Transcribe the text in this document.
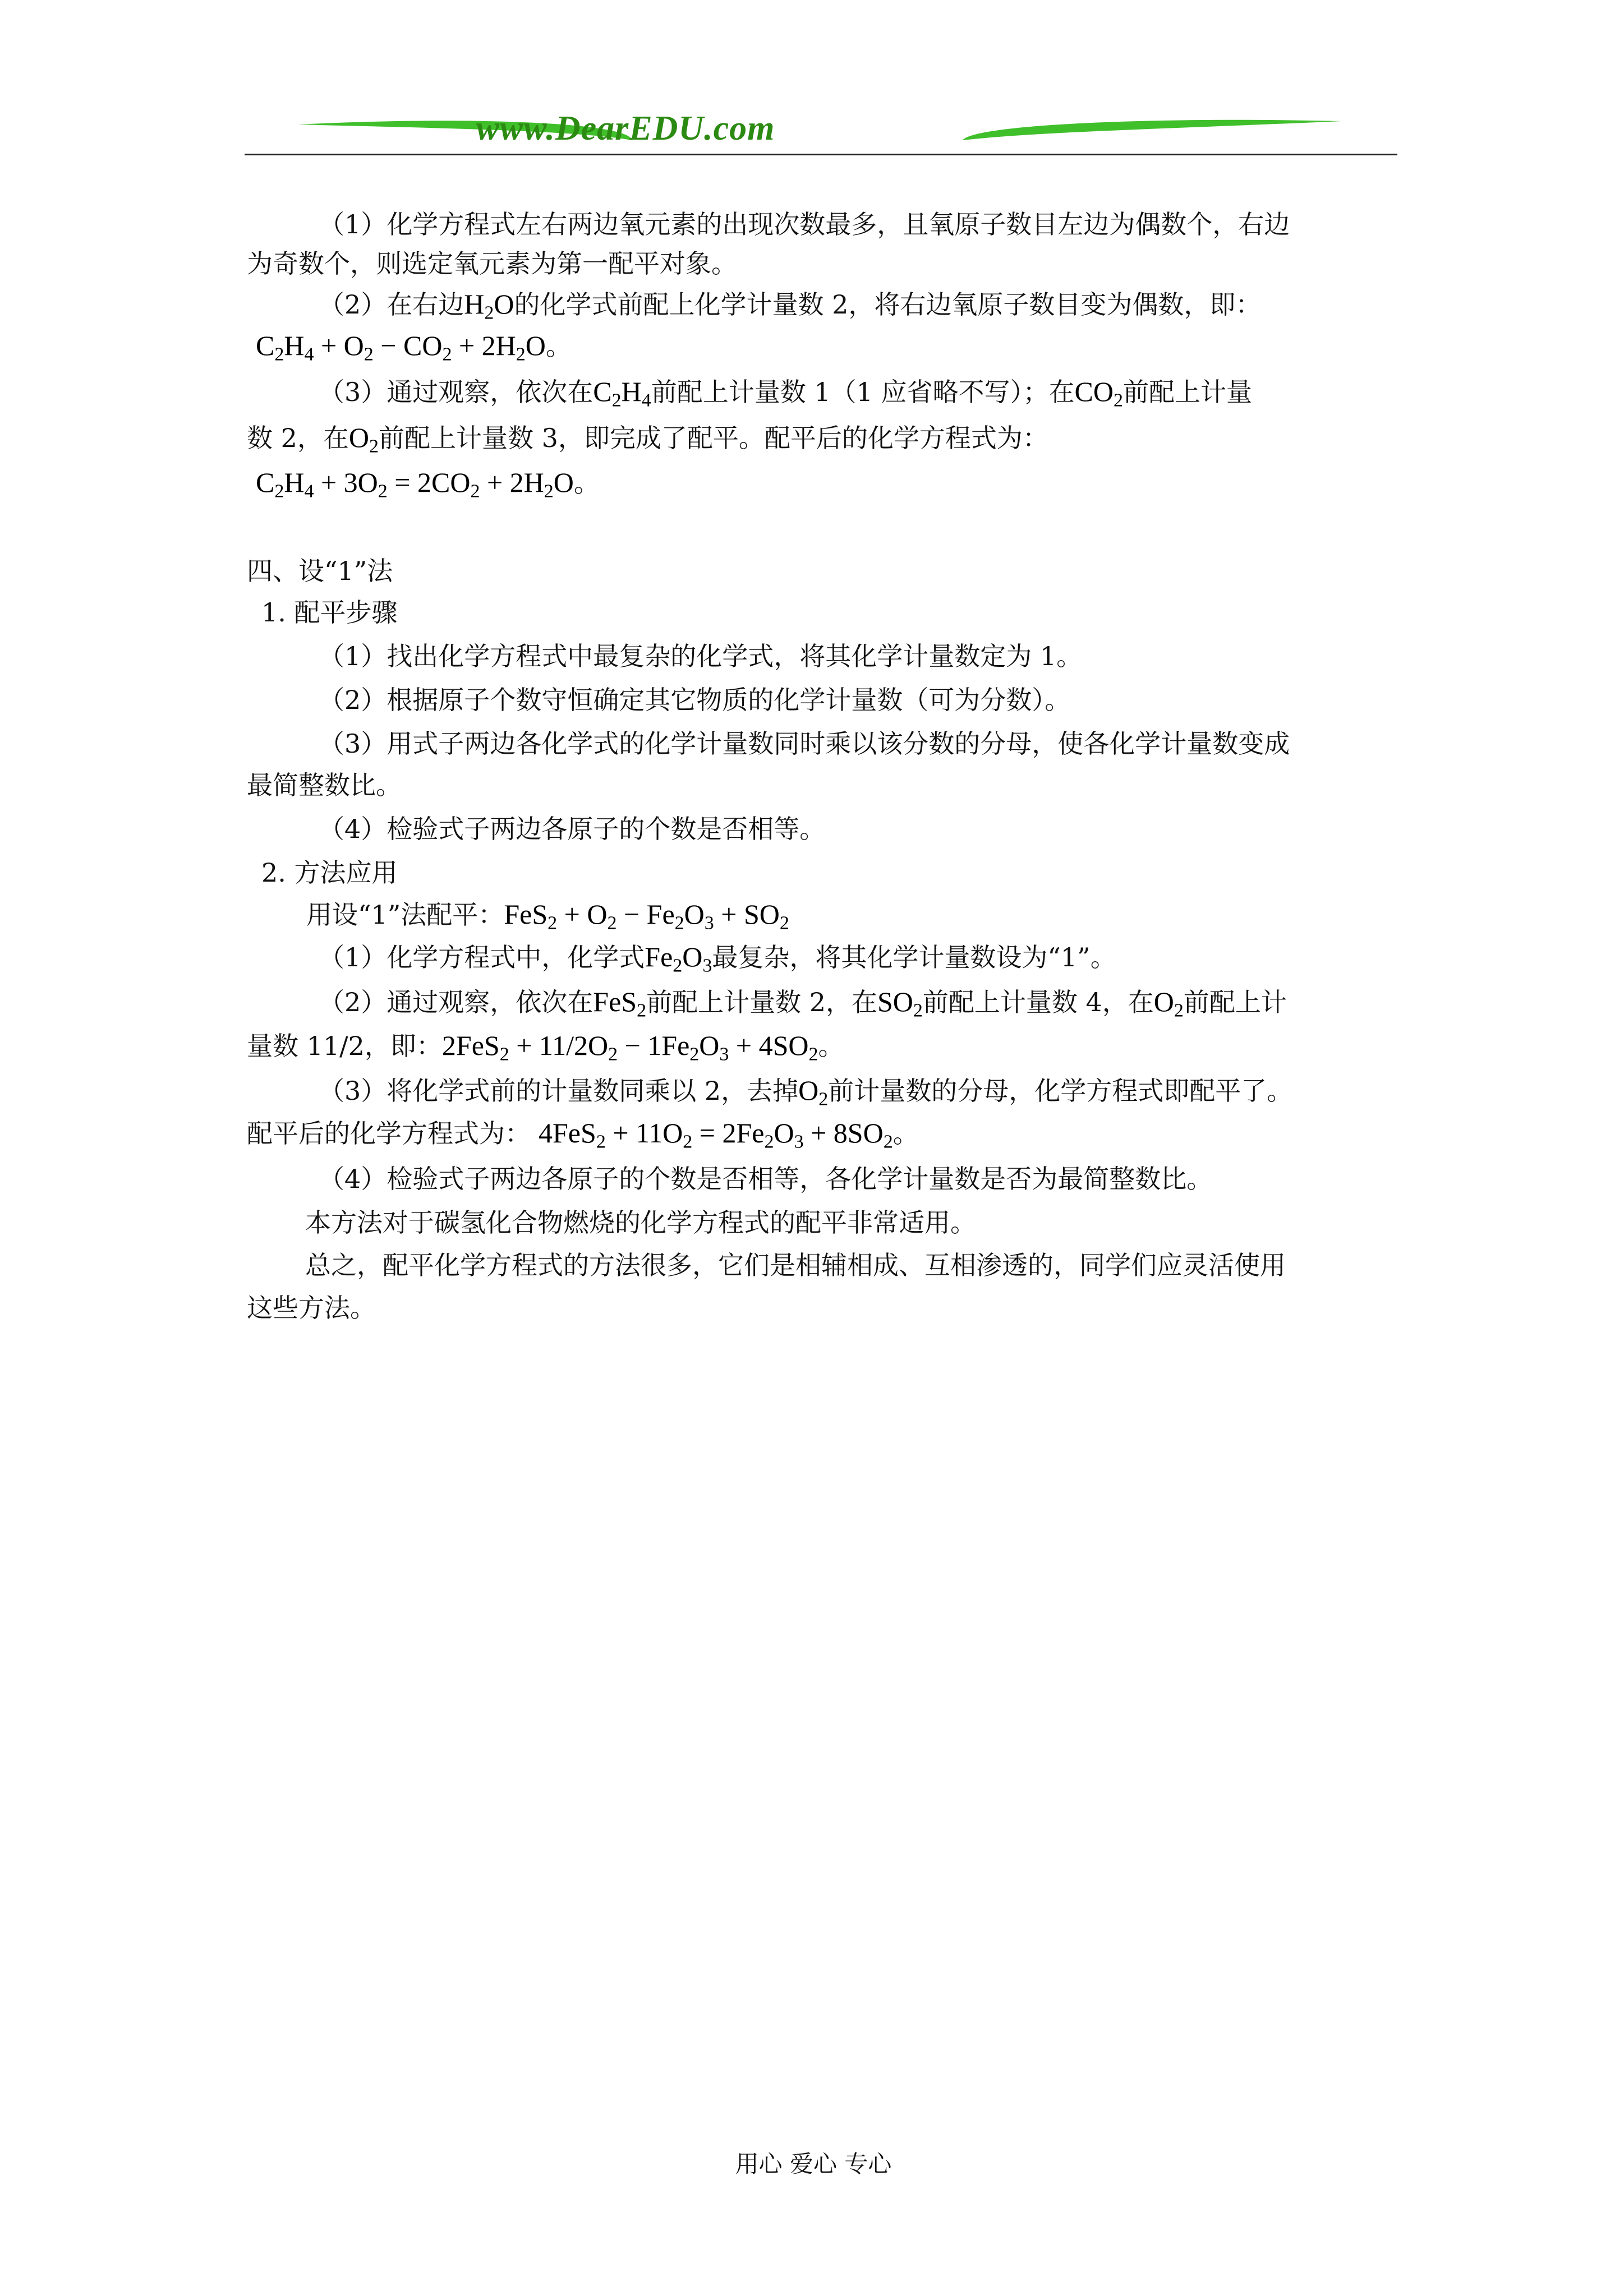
www.DearEDU.com
（1）化学方程式左右两边氧元素的出现次数最多，且氧原子数目左边为偶数个，右边
为奇数个，则选定氧元素为第一配平对象。
（2）在右边$H_2O$的化学式前配上化学计量数 2，将右边氧原子数目变为偶数，即：
$C_2H_4 + O_2 - CO_2 + 2H_2O$。
（3）通过观察，依次在$C_2H_4$前配上计量数 1（1 应省略不写）；在$CO_2$前配上计量
数 2，在$O_2$前配上计量数 3，即完成了配平。配平后的化学方程式为：
$C_2H_4 + 3O_2 = 2CO_2 + 2H_2O$。
四、设“1”法
1. 配平步骤
（1）找出化学方程式中最复杂的化学式，将其化学计量数定为 1。
（2）根据原子个数守恒确定其它物质的化学计量数（可为分数）。
（3）用式子两边各化学式的化学计量数同时乘以该分数的分母，使各化学计量数变成
最简整数比。
（4）检验式子两边各原子的个数是否相等。
2. 方法应用
用设“1”法配平：$FeS_2 + O_2 - Fe_2O_3 + SO_2$
（1）化学方程式中，化学式$Fe_2O_3$最复杂，将其化学计量数设为“1”。
（2）通过观察，依次在FeS$_2$前配上计量数 2，在$SO_2$前配上计量数 4，在$O_2$前配上计
量数 11/2，即：$2FeS_2 + 11/2O_2 - 1Fe_2O_3 + 4SO_2$。
（3）将化学式前的计量数同乘以 2，去掉$O_2$前计量数的分母，化学方程式即配平了。
配平后的化学方程式为： $4FeS_2 + 11O_2 = 2Fe_2O_3 + 8SO_2$。
（4）检验式子两边各原子的个数是否相等，各化学计量数是否为最简整数比。
本方法对于碳氢化合物燃烧的化学方程式的配平非常适用。
总之，配平化学方程式的方法很多，它们是相辅相成、互相渗透的，同学们应灵活使用
这些方法。
用心 爱心 专心
